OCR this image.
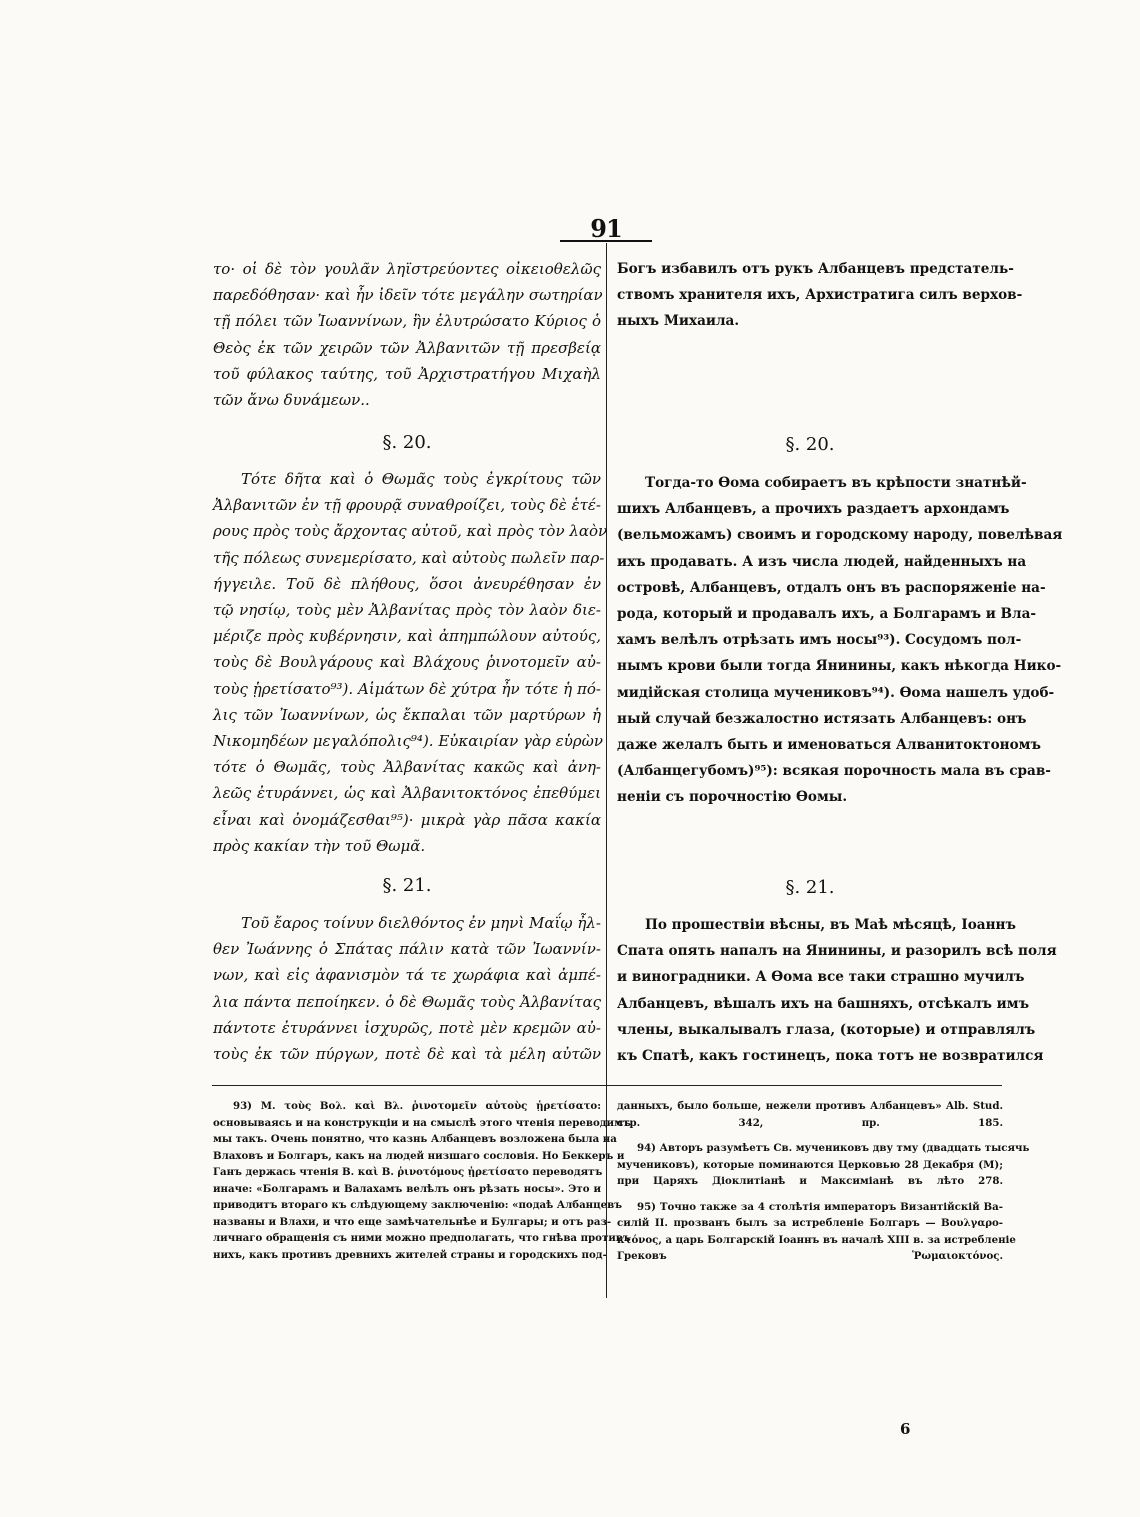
91
το· οἱ δὲ τὸν γουλᾶν ληϊστρεύοντες οἰκειοθελῶς
παρεδόθησαν· καὶ ἦν ἰδεῖν τότε μεγάλην σωτηρίαν
τῇ πόλει τῶν Ἰωαννίνων, ἣν ἐλυτρώσατο Κύριος ὁ
Θεὸς ἐκ τῶν χειρῶν τῶν Ἀλβανιτῶν τῇ πρεσβείᾳ
τοῦ φύλακος ταύτης, τοῦ Ἀρχιστρατήγου Μιχαὴλ
τῶν ἄνω δυνάμεων..
§. 20.
Τότε δῆτα καὶ ὁ Θωμᾶς τοὺς ἐγκρίτους τῶν
Ἀλβανιτῶν ἐν τῇ φρουρᾷ συναθροίζει, τοὺς δὲ ἑτέ-
ρους πρὸς τοὺς ἄρχοντας αὐτοῦ, καὶ πρὸς τὸν λαὸν
τῆς πόλεως συνεμερίσατο, καὶ αὐτοὺς πωλεῖν παρ-
ήγγειλε. Τοῦ δὲ πλήθους, ὅσοι ἀνευρέθησαν ἐν
τῷ νησίῳ, τοὺς μὲν Ἀλβανίτας πρὸς τὸν λαὸν διε-
μέριζε πρὸς κυβέρνησιν, καὶ ἀπημπώλουν αὐτούς,
τοὺς δὲ Βουλγάρους καὶ Βλάχους ῥινοτομεῖν αὐ-
τοὺς ᾑρετίσατο⁹³). Αἱμάτων δὲ χύτρα ἦν τότε ἡ πό-
λις τῶν Ἰωαννίνων, ὡς ἔκπαλαι τῶν μαρτύρων ἡ
Νικομηδέων μεγαλόπολις⁹⁴). Εὐκαιρίαν γὰρ εὑρὼν
τότε ὁ Θωμᾶς, τοὺς Ἀλβανίτας κακῶς καὶ ἀνη-
λεῶς ἐτυράννει, ὡς καὶ Ἀλβανιτοκτόνος ἐπεθύμει
εἶναι καὶ ὀνομάζεσθαι⁹⁵)· μικρὰ γὰρ πᾶσα κακία
πρὸς κακίαν τὴν τοῦ Θωμᾶ.
§. 21.
Τοῦ ἔαρος τοίνυν διελθόντος ἐν μηνὶ Μαΐῳ ἦλ-
θεν Ἰωάννης ὁ Σπάτας πάλιν κατὰ τῶν Ἰωαννίν-
νων, καὶ εἰς ἀφανισμὸν τά τε χωράφια καὶ ἀμπέ-
λια πάντα πεποίηκεν. ὁ δὲ Θωμᾶς τοὺς Ἀλβανίτας
πάντοτε ἐτυράννει ἰσχυρῶς, ποτὲ μὲν κρεμῶν αὐ-
τοὺς ἐκ τῶν πύργων, ποτὲ δὲ καὶ τὰ μέλη αὐτῶν
Богъ избавилъ отъ рукъ Албанцевъ предстатель-
ствомъ хранителя ихъ, Архистратига силъ верхов-
ныхъ Михаила.
§. 20.
Тогда-то Ѳома собираетъ въ крѣпости знатнѣй-
шихъ Албанцевъ, а прочихъ раздаетъ архондамъ
(вельможамъ) своимъ и городскому народу, повелѣвая
ихъ продавать. А изъ числа людей, найденныхъ на
островѣ, Албанцевъ, отдалъ онъ въ распоряженіе на-
рода, который и продавалъ ихъ, а Болгарамъ и Вла-
хамъ велѣлъ отрѣзать имъ носы⁹³). Сосудомъ пол-
нымъ крови были тогда Янинины, какъ нѣкогда Нико-
мидійская столица мучениковъ⁹⁴). Ѳома нашелъ удоб-
ный случай безжалостно истязать Албанцевъ: онъ
даже желалъ быть и именоваться Алванитоктономъ
(Албанцегубомъ)⁹⁵): всякая порочность мала въ срав-
неніи съ порочностію Ѳомы.
§. 21.
По прошествіи вѣсны, въ Маѣ мѣсяцѣ, Іоаннъ
Спата опять напалъ на Янинины, и разорилъ всѣ поля
и виноградники. А Ѳома все таки страшно мучилъ
Албанцевъ, вѣшалъ ихъ на башняхъ, отсѣкалъ имъ
члены, выкалывалъ глаза, (которые) и отправлялъ
къ Спатѣ, какъ гостинецъ, пока тотъ не возвратился
93) М. τοὺς Βολ. καὶ Βλ. ῥινοτομεῖν αὐτοὺς ᾑρετίσατο:
основываясь и на конструкціи и на смыслѣ этого чтенія переводимъ
мы такъ. Очень понятно, что казнь Албанцевъ возложена была на
Влаховъ и Болгаръ, какъ на людей низшаго сословія. Но Беккеръ и
Ганъ держась чтенія В. καὶ Β. ῥινοτόμους ᾑρετίσατο переводятъ
иначе: «Болгарамъ и Валахамъ велѣлъ онъ рѣзать носы». Это и
приводитъ втораго къ слѣдующему заключенію: «подаѣ Албанцевъ
названы и Влахи, и что еще замѣчательнѣе и Булгары; и отъ раз-
личнаго обращенія съ ними можно предполагать, что гнѣва противъ
нихъ, какъ противъ древнихъ жителей страны и городскихъ под-
данныхъ, было больше, нежели противъ Албанцевъ» Alb. Stud.
стр. 342, пр. 185.
94) Авторъ разумѣетъ Св. мучениковъ дву тму (двадцать тысячь
мучениковъ), которые поминаются Церковью 28 Декабря (М);
при Царяхъ Діоклитіанѣ и Максиміанѣ въ лѣто 278.
95) Точно также за 4 столѣтія императоръ Византійскій Ва-
силій II. прозванъ былъ за истребленіе Болгаръ — Βουλγαρο-
κτόνος, а царь Болгарскій Іоаннъ въ началѣ XIII в. за истребленіе
Грековъ Ῥωμαιοκτόνος.
6
